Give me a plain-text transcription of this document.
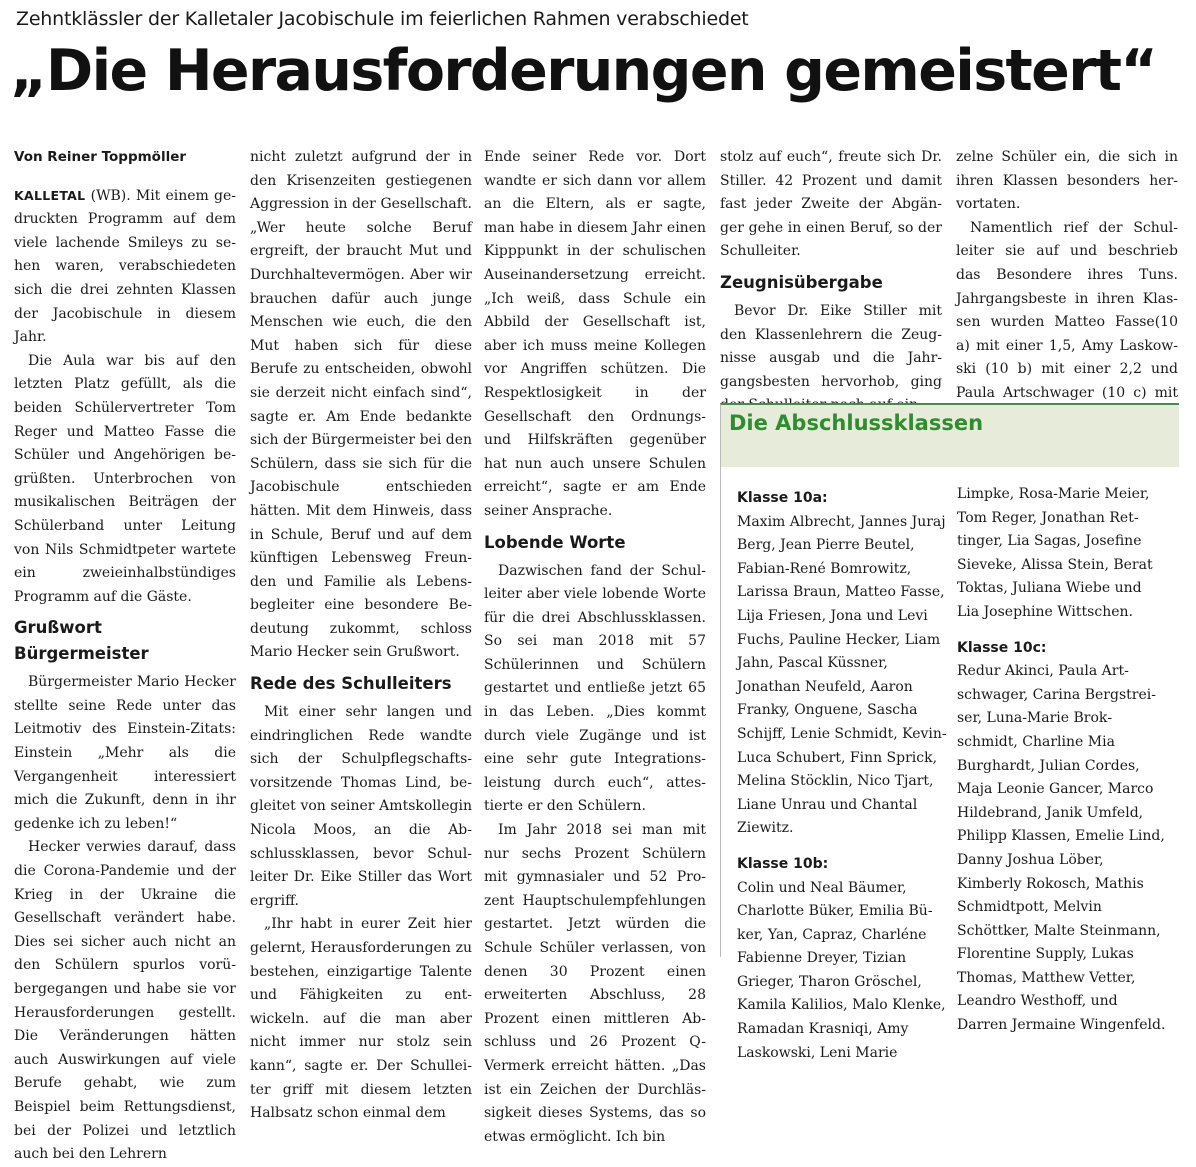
Zehntklässler der Kalletaler Jacobischule im feierlichen Rahmen verabschiedet
„Die Herausforderungen gemeistert“

Von Reiner Toppmöller

KALLETAL (WB). Mit einem gedruckten Programm auf dem viele lachende Smileys zu sehen waren, verabschiedeten sich die drei zehnten Klassen der Jacobischule in diesem Jahr.

Die Aula war bis auf den letzten Platz gefüllt, als die beiden Schülervertreter Tom Reger und Matteo Fasse die Schüler und Angehörigen begrüßten. Unterbrochen von musikalischen Beiträgen der Schülerband unter Leitung von Nils Schmidtpeter wartete ein zweieinhalbstündiges Programm auf die Gäste.

Grußwort Bürgermeister

Bürgermeister Mario Hecker stellte seine Rede unter das Leitmotiv des Einstein-Zitats: Einstein „Mehr als die Vergangenheit interessiert mich die Zukunft, denn in ihr gedenke ich zu leben!“

Hecker verwies darauf, dass die Corona-Pandemie und der Krieg in der Ukraine die Gesellschaft verändert habe. Dies sei sicher auch nicht an den Schülern spurlos vorübergegangen und habe sie vor Herausforderungen gestellt. Die Veränderungen hätten auch Auswirkungen auf viele Berufe gehabt, wie zum Beispiel beim Rettungsdienst, bei der Polizei und letztlich auch bei den Lehrern

nicht zuletzt aufgrund der in den Krisenzeiten gestiegenen Aggression in der Gesellschaft. „Wer heute solche Beruf ergreift, der braucht Mut und Durchhaltevermögen. Aber wir brauchen dafür auch junge Menschen wie euch, die den Mut haben sich für diese Berufe zu entscheiden, obwohl sie derzeit nicht einfach sind“, sagte er. Am Ende bedankte sich der Bürgermeister bei den Schülern, dass sie sich für die Jacobischule entschieden hätten. Mit dem Hinweis, dass in Schule, Beruf und auf dem künftigen Lebensweg Freunden und Familie als Lebensbegleiter eine besondere Bedeutung zukommt, schloss Mario Hecker sein Grußwort.

Rede des Schulleiters

Mit einer sehr langen und eindringlichen Rede wandte sich der Schulpflegschaftsvorsitzende Thomas Lind, begleitet von seiner Amtskollegin Nicola Moos, an die Abschlussklassen, bevor Schulleiter Dr. Eike Stiller das Wort ergriff.

„Ihr habt in eurer Zeit hier gelernt, Herausforderungen zu bestehen, einzigartige Talente und Fähigkeiten zu entwickeln. auf die man aber nicht immer nur stolz sein kann“, sagte er. Der Schulleiter griff mit diesem letzten Halbsatz schon einmal dem

Ende seiner Rede vor. Dort wandte er sich dann vor allem an die Eltern, als er sagte, man habe in diesem Jahr einen Kipppunkt in der schulischen Auseinandersetzung erreicht. „Ich weiß, dass Schule ein Abbild der Gesellschaft ist, aber ich muss meine Kollegen vor Angriffen schützen. Die Respektlosigkeit in der Gesellschaft den Ordnungs- und Hilfskräften gegenüber hat nun auch unsere Schulen erreicht“, sagte er am Ende seiner Ansprache.

Lobende Worte

Dazwischen fand der Schulleiter aber viele lobende Worte für die drei Abschlussklassen. So sei man 2018 mit 57 Schülerinnen und Schülern gestartet und entließe jetzt 65 in das Leben. „Dies kommt durch viele Zugänge und ist eine sehr gute Integrationsleistung durch euch“, attestierte er den Schülern.

Im Jahr 2018 sei man mit nur sechs Prozent Schülern mit gymnasialer und 52 Prozent Hauptschulempfehlungen gestartet. Jetzt würden die Schule Schüler verlassen, von denen 30 Prozent einen erweiterten Abschluss, 28 Prozent einen mittleren Abschluss und 26 Prozent Q-Vermerk erreicht hätten. „Das ist ein Zeichen der Durchlässigkeit dieses Systems, das so etwas ermöglicht. Ich bin

stolz auf euch“, freute sich Dr. Stiller. 42 Prozent und damit fast jeder Zweite der Abgänger gehe in einen Beruf, so der Schulleiter.

Zeugnisübergabe

Bevor Dr. Eike Stiller mit den Klassenlehrern die Zeugnisse ausgab und die Jahrgangsbesten hervorhob, ging

zelne Schüler ein, die sich in ihren Klassen besonders hervortaten.

Namentlich rief der Schulleiter sie auf und beschrieb das Besondere ihres Tuns. Jahrgangsbeste in ihren Klassen wurden Matteo Fasse(10 a) mit einer 1,5, Amy Laskowski (10 b) mit einer 2,2 und Paula Artschwager (10 c) mit

Die Abschlussklassen

Klasse 10a:

Maxim Albrecht, Jannes Juraj Berg, Jean Pierre Beutel, Fabian-René Bomrowitz, Larissa Braun, Matteo Fasse, Lija Friesen, Jona und Levi Fuchs, Pauline Hecker, Liam Jahn, Pascal Küssner, Jonathan Neufeld, Aaron Franky, Onguene, Sascha Schijff, Lenie Schmidt, Kevin-Luca Schubert, Finn Sprick, Melina Stöcklin, Nico Tjart, Liane Unrau und Chantal Ziewitz.

Klasse 10b:

Colin und Neal Bäumer, Charlotte Büker, Emilia Büker, Yan, Capraz, Charléne Fabienne Dreyer, Tizian Grieger, Tharon Gröschel, Kamila Kalilios, Malo Klenke, Ramadan Krasniqi, Amy Laskowski, Leni Marie

Limpke, Rosa-Marie Meier, Tom Reger, Jonathan Rettinger, Lia Sagas, Josefine Sieveke, Alissa Stein, Berat Toktas, Juliana Wiebe und Lia Josephine Wittschen.

Klasse 10c:

Redur Akinci, Paula Artschwager, Carina Bergstreiser, Luna-Marie Brokschmidt, Charline Mia Burghardt, Julian Cordes, Maja Leonie Gancer, Marco Hildebrand, Janik Umfeld, Philipp Klassen, Emelie Lind, Danny Joshua Löber, Kimberly Rokosch, Mathis Schmidtpott, Melvin Schöttker, Malte Steinmann, Florentine Supply, Lukas Thomas, Matthew Vetter, Leandro Westhoff, und Darren Jermaine Wingenfeld.
